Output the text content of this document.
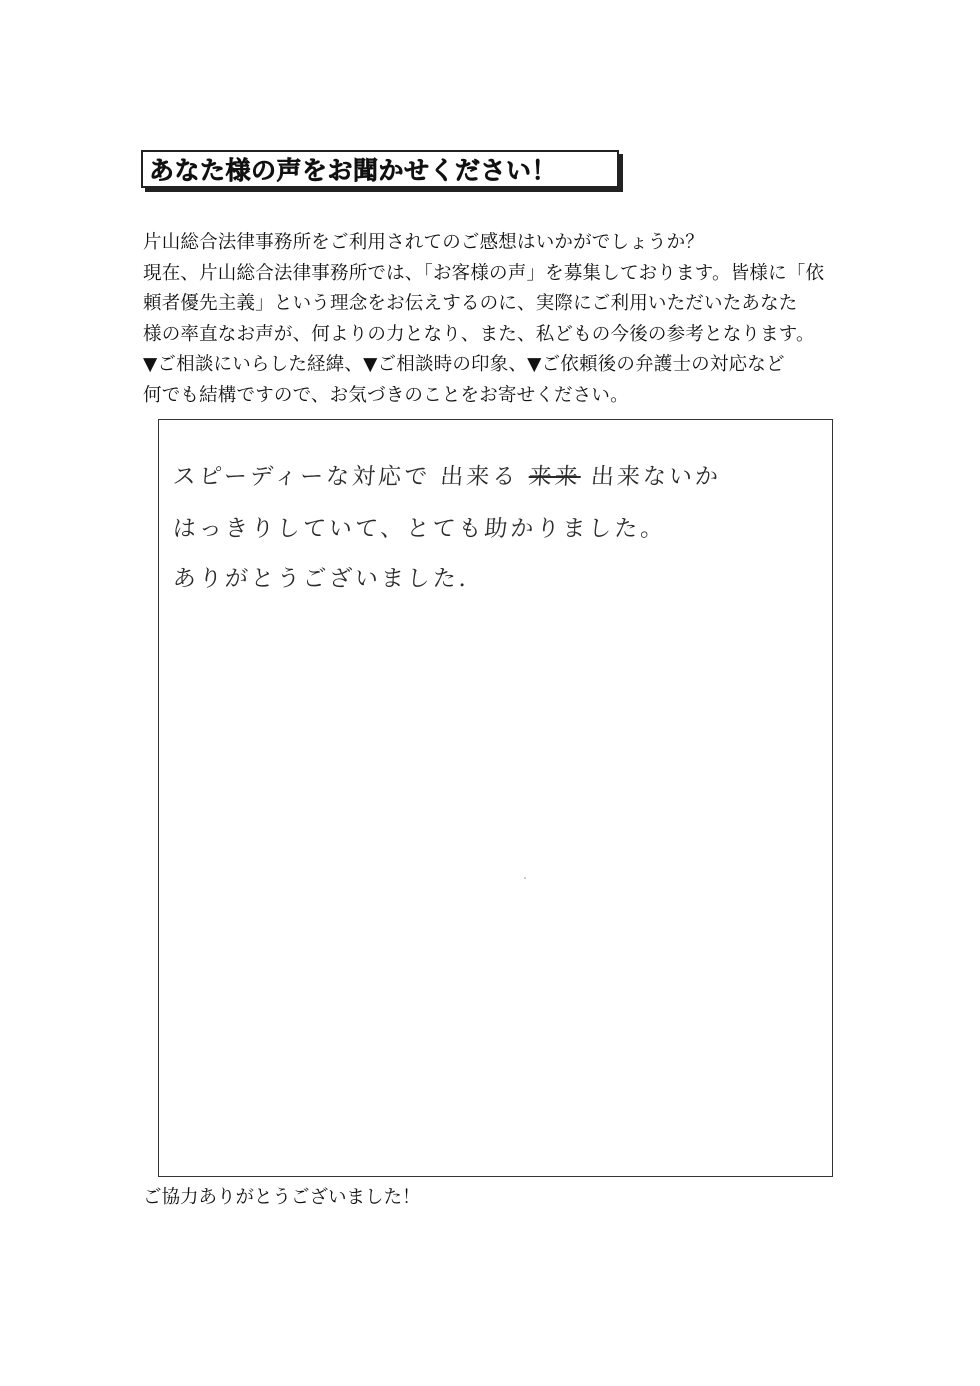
あなた様の声をお聞かせください！
片山総合法律事務所をご利用されてのご感想はいかがでしょうか？
現在、片山総合法律事務所では、「お客様の声」を募集しております。皆様に「依
頼者優先主義」という理念をお伝えするのに、実際にご利用いただいたあなた
様の率直なお声が、何よりの力となり、また、私どもの今後の参考となります。
▼ご相談にいらした経緯、▼ご相談時の印象、▼ご依頼後の弁護士の対応など
何でも結構ですので、お気づきのことをお寄せください。
スピーディーな対応で 出来る 来来 出来ないか
はっきりしていて、とても助かりました。
ありがとうございました.
ご協力ありがとうございました！
